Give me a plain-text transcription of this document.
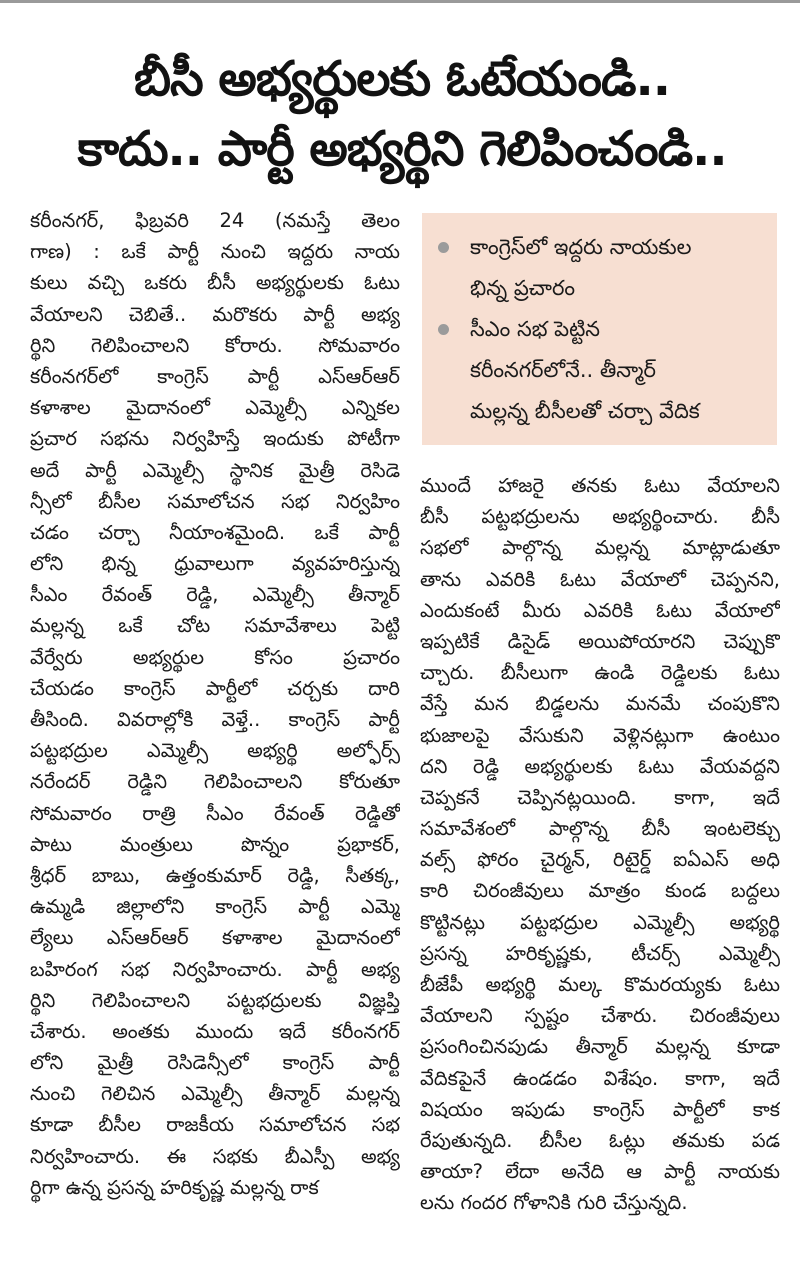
బీసీ అభ్యర్థులకు ఓటేయండి..
కాదు.. పార్టీ అభ్యర్థిని గెలిపించండి..
కరీంనగర్, ఫిబ్రవరి 24 (నమస్తే తెలం
గాణ) : ఒకే పార్టీ నుంచి ఇద్దరు నాయ
కులు వచ్చి ఒకరు బీసీ అభ్యర్థులకు ఓటు
వేయాలని చెబితే.. మరొకరు పార్టీ అభ్య
ర్థిని గెలిపించాలని కోరారు. సోమవారం
కరీంనగర్‌లో కాంగ్రెస్ పార్టీ ఎస్ఆర్ఆర్
కళాశాల మైదానంలో ఎమ్మెల్సీ ఎన్నికల
ప్రచార సభను నిర్వహిస్తే ఇందుకు పోటీగా
అదే పార్టీ ఎమ్మెల్సీ స్థానిక మైత్రీ రెసిడె
న్సీలో బీసీల సమాలోచన సభ నిర్వహిం
చడం చర్చా నీయాంశమైంది. ఒకే పార్టీ
లోని భిన్న ధ్రువాలుగా వ్యవహరిస్తున్న
సీఎం రేవంత్ రెడ్డి, ఎమ్మెల్సీ తీన్మార్
మల్లన్న ఒకే చోట సమావేశాలు పెట్టి
వేర్వేరు అభ్యర్థుల కోసం ప్రచారం
చేయడం కాంగ్రెస్ పార్టీలో చర్చకు దారి
తీసింది. వివరాల్లోకి వెళ్తే.. కాంగ్రెస్ పార్టీ
పట్టభద్రుల ఎమ్మెల్సీ అభ్యర్థి అల్ఫోర్స్
నరేందర్ రెడ్డిని గెలిపించాలని కోరుతూ
సోమవారం రాత్రి సీఎం రేవంత్ రెడ్డితో
పాటు మంత్రులు పొన్నం ప్రభాకర్,
శ్రీధర్ బాబు, ఉత్తంకుమార్ రెడ్డి, సీతక్క,
ఉమ్మడి జిల్లాలోని కాంగ్రెస్ పార్టీ ఎమ్మె
ల్యేలు ఎస్ఆర్ఆర్ కళాశాల మైదానంలో
బహిరంగ సభ నిర్వహించారు. పార్టీ అభ్య
ర్థిని గెలిపించాలని పట్టభద్రులకు విజ్ఞప్తి
చేశారు. అంతకు ముందు ఇదే కరీంనగర్
లోని మైత్రీ రెసిడెన్సీలో కాంగ్రెస్ పార్టీ
నుంచి గెలిచిన ఎమ్మెల్సీ తీన్మార్ మల్లన్న
కూడా బీసీల రాజకీయ సమాలోచన సభ
నిర్వహించారు. ఈ సభకు బీఎస్పీ అభ్య
ర్థిగా ఉన్న ప్రసన్న హరికృష్ణ మల్లన్న రాక
కాంగ్రెస్‌లో ఇద్దరు నాయకుల
భిన్న ప్రచారం
సీఎం సభ పెట్టిన
కరీంనగర్‌లోనే.. తీన్మార్
మల్లన్న బీసీలతో చర్చా వేదిక
ముందే హాజరై తనకు ఓటు వేయాలని
బీసీ పట్టభద్రులను అభ్యర్థించారు. బీసీ
సభలో పాల్గొన్న మల్లన్న మాట్లాడుతూ
తాను ఎవరికి ఓటు వేయాలో చెప్పనని,
ఎందుకంటే మీరు ఎవరికి ఓటు వేయాలో
ఇప్పటికే డిసైడ్ అయిపోయారని చెప్పుకొ
చ్చారు. బీసీలుగా ఉండి రెడ్డిలకు ఓటు
వేస్తే మన బిడ్డలను మనమే చంపుకొని
భుజాలపై వేసుకుని వెళ్లినట్లుగా ఉంటుం
దని రెడ్డి అభ్యర్థులకు ఓటు వేయవద్దని
చెప్పకనే చెప్పినట్లయింది. కాగా, ఇదే
సమావేశంలో పాల్గొన్న బీసీ ఇంటలెక్చు
వల్స్ ఫోరం చైర్మన్, రిటైర్డ్ ఐఏఎస్ అధి
కారి చిరంజీవులు మాత్రం కుండ బద్దలు
కొట్టినట్లు పట్టభద్రుల ఎమ్మెల్సీ అభ్యర్థి
ప్రసన్న హరికృష్ణకు, టీచర్స్ ఎమ్మెల్సీ
బీజేపీ అభ్యర్థి మల్క కొమరయ్యకు ఓటు
వేయాలని స్పష్టం చేశారు. చిరంజీవులు
ప్రసంగించినపుడు తీన్మార్ మల్లన్న కూడా
వేదికపైనే ఉండడం విశేషం. కాగా, ఇదే
విషయం ఇపుడు కాంగ్రెస్ పార్టీలో కాక
రేపుతున్నది. బీసీల ఓట్లు తమకు పడ
తాయా? లేదా అనేది ఆ పార్టీ నాయకు
లను గందర గోళానికి గురి చేస్తున్నది.
